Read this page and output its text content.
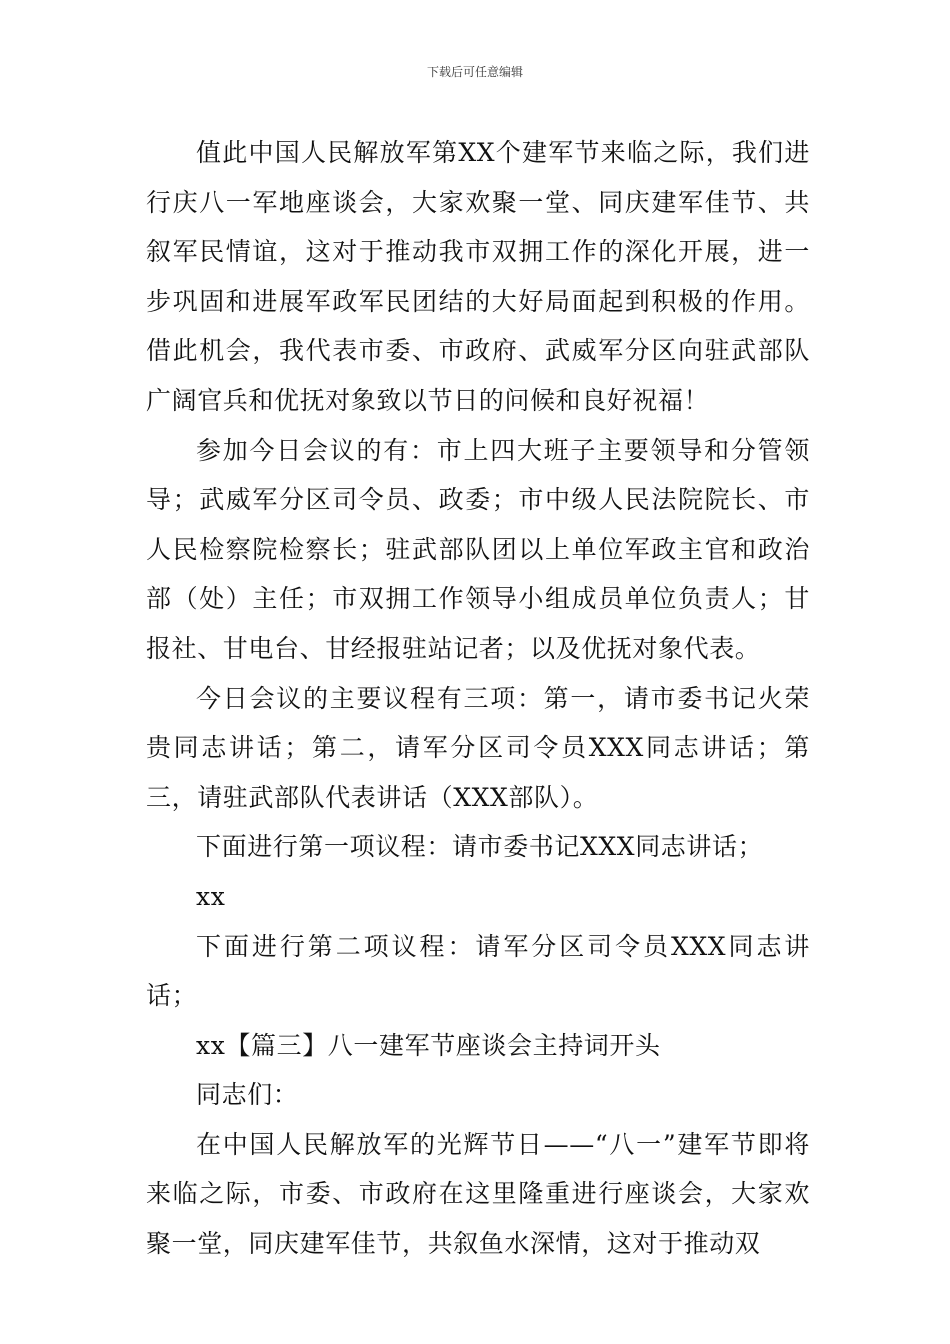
下载后可任意编辑

值此中国人民解放军第XX个建军节来临之际，我们进行庆八一军地座谈会，大家欢聚一堂、同庆建军佳节、共叙军民情谊，这对于推动我市双拥工作的深化开展，进一步巩固和进展军政军民团结的大好局面起到积极的作用。借此机会，我代表市委、市政府、武威军分区向驻武部队广阔官兵和优抚对象致以节日的问候和良好祝福！

参加今日会议的有：市上四大班子主要领导和分管领导；武威军分区司令员、政委；市中级人民法院院长、市人民检察院检察长；驻武部队团以上单位军政主官和政治部（处）主任；市双拥工作领导小组成员单位负责人；甘报社、甘电台、甘经报驻站记者；以及优抚对象代表。

今日会议的主要议程有三项：第一，请市委书记火荣贵同志讲话；第二，请军分区司令员XXX同志讲话；第三，请驻武部队代表讲话（XXX部队）。

下面进行第一项议程：请市委书记XXX同志讲话；

xx

下面进行第二项议程：请军分区司令员XXX同志讲话；

xx【篇三】八一建军节座谈会主持词开头

同志们：

在中国人民解放军的光辉节日——“八一”建军节即将来临之际，市委、市政府在这里隆重进行座谈会，大家欢聚一堂，同庆建军佳节，共叙鱼水深情，这对于推动双
